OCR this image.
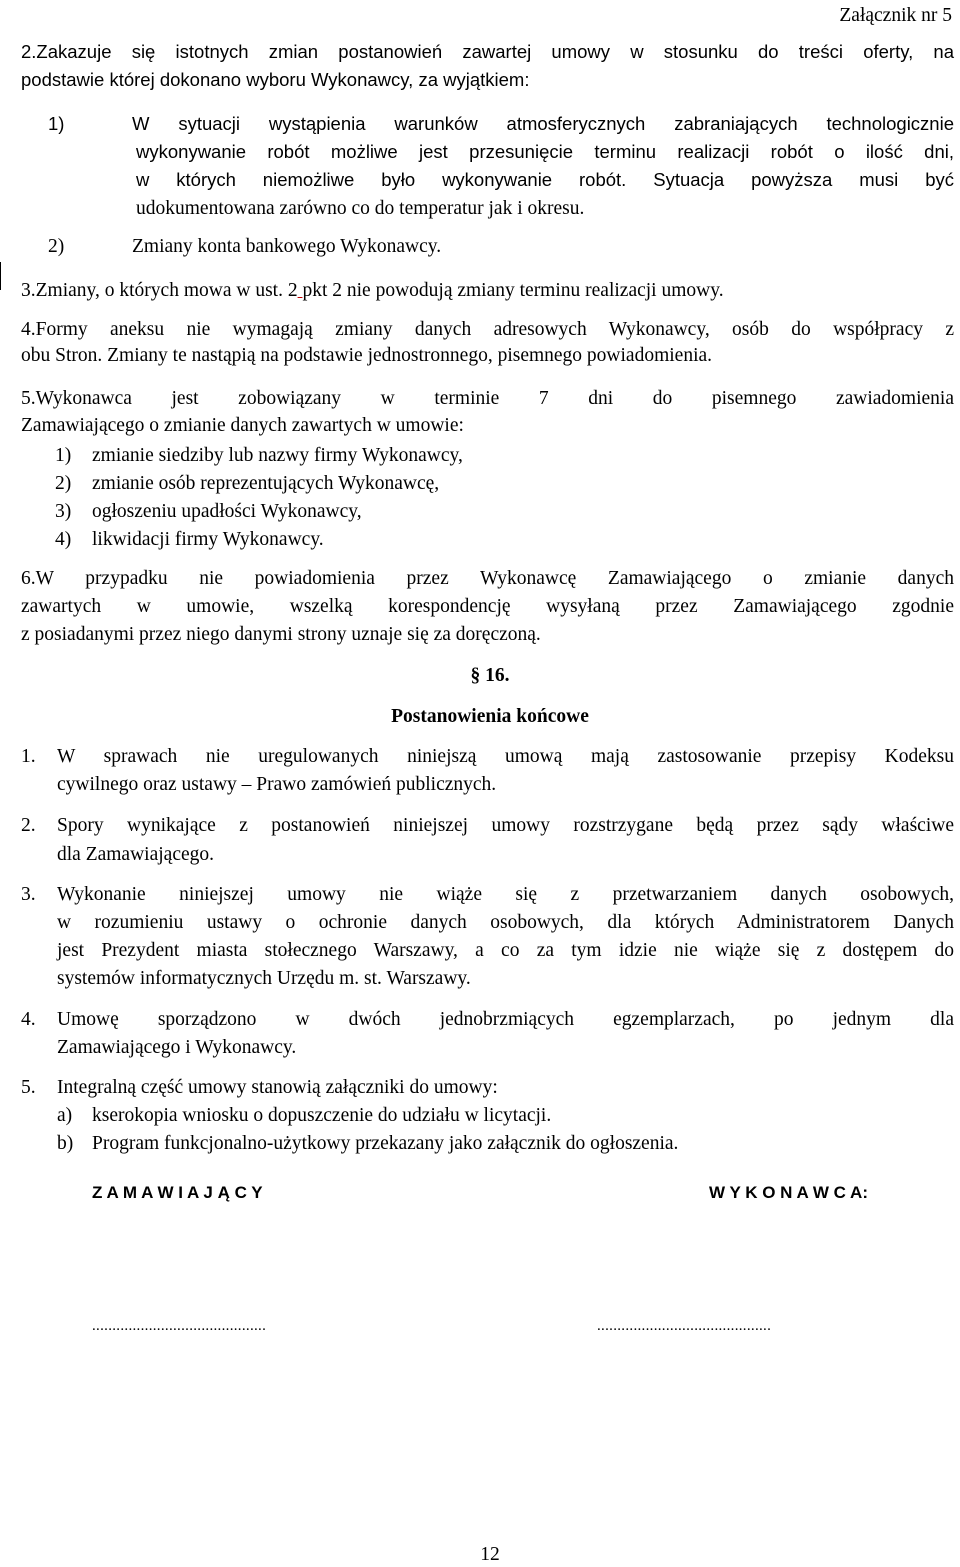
Załącznik nr 5
2.Zakazuje się istotnych zmian postanowień zawartej umowy w stosunku do treści oferty, na
podstawie której dokonano wyboru Wykonawcy, za wyjątkiem:
1)	W sytuacji wystąpienia warunków atmosferycznych zabraniających technologicznie
wykonywanie robót możliwe jest przesunięcie terminu realizacji robót o ilość dni,
w których niemożliwe było wykonywanie robót. Sytuacja powyższa musi być
udokumentowana zarówno co do temperatur jak i okresu.
2)	Zmiany konta bankowego Wykonawcy.
3.Zmiany, o których mowa w ust. 2 pkt 2 nie powodują zmiany terminu realizacji umowy.
4.Formy aneksu nie wymagają zmiany danych adresowych Wykonawcy, osób do współpracy z
obu Stron. Zmiany te nastąpią na podstawie jednostronnego, pisemnego powiadomienia.
5.Wykonawca jest zobowiązany w terminie 7 dni do pisemnego zawiadomienia
Zamawiającego o zmianie danych zawartych w umowie:
1) zmianie siedziby lub nazwy firmy Wykonawcy,
2) zmianie osób reprezentujących Wykonawcę,
3) ogłoszeniu upadłości Wykonawcy,
4) likwidacji firmy Wykonawcy.
6.W przypadku nie powiadomienia przez Wykonawcę Zamawiającego o zmianie danych
zawartych w umowie, wszelką korespondencję wysyłaną przez Zamawiającego zgodnie
z posiadanymi przez niego danymi strony uznaje się za doręczoną.
§ 16.
Postanowienia końcowe
1. W sprawach nie uregulowanych niniejszą umową mają zastosowanie przepisy Kodeksu
cywilnego oraz ustawy – Prawo zamówień publicznych.
2. Spory wynikające z postanowień niniejszej umowy rozstrzygane będą przez sądy właściwe
dla Zamawiającego.
3. Wykonanie niniejszej umowy nie wiąże się z przetwarzaniem danych osobowych,
w rozumieniu ustawy o ochronie danych osobowych, dla których Administratorem Danych
jest Prezydent miasta stołecznego Warszawy, a co za tym idzie nie wiąże się z dostępem do
systemów informatycznych Urzędu m. st. Warszawy.
4. Umowę sporządzono w dwóch jednobrzmiących egzemplarzach, po jednym dla
Zamawiającego i Wykonawcy.
5. Integralną część umowy stanowią załączniki do umowy:
a) kserokopia wniosku o dopuszczenie do udziału w licytacji.
b) Program funkcjonalno-użytkowy przekazany jako załącznik do ogłoszenia.
Z A M A W I A J Ą C Y	W Y K O N A W C A:
...........................................	...........................................
12
